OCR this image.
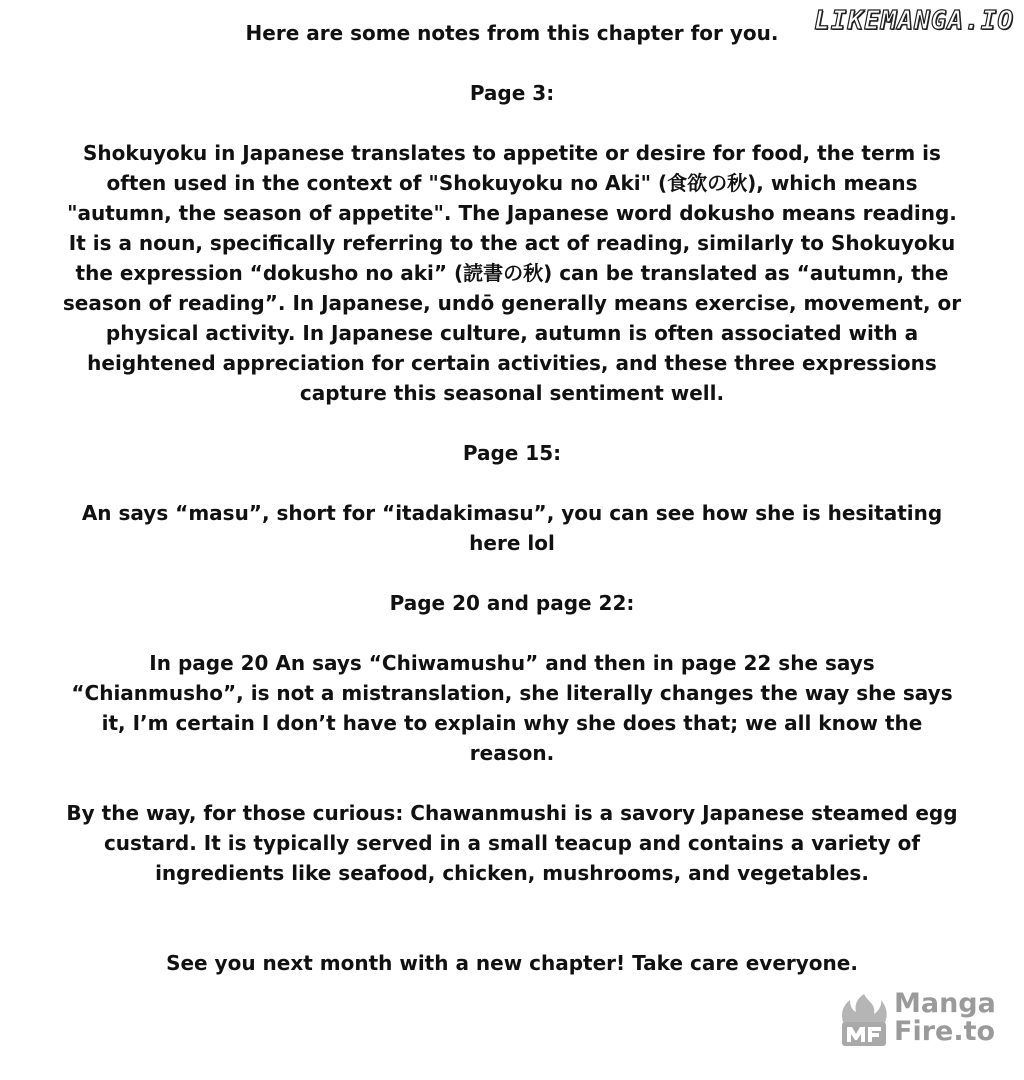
LIKEMANGA.IO

Here are some notes from this chapter for you.

Page 3:

Shokuyoku in Japanese translates to appetite or desire for food, the term is often used in the context of "Shokuyoku no Aki" (食欲の秋), which means "autumn, the season of appetite". The Japanese word dokusho means reading. It is a noun, specifically referring to the act of reading, similarly to Shokuyoku the expression “dokusho no aki” (読書の秋) can be translated as “autumn, the season of reading”. In Japanese, undō generally means exercise, movement, or physical activity. In Japanese culture, autumn is often associated with a heightened appreciation for certain activities, and these three expressions capture this seasonal sentiment well.

Page 15:

An says “masu”, short for “itadakimasu”, you can see how she is hesitating here lol

Page 20 and page 22:

In page 20 An says “Chiwamushu” and then in page 22 she says “Chianmusho”, is not a mistranslation, she literally changes the way she says it, I’m certain I don’t have to explain why she does that; we all know the reason.

By the way, for those curious: Chawanmushi is a savory Japanese steamed egg custard. It is typically served in a small teacup and contains a variety of ingredients like seafood, chicken, mushrooms, and vegetables.

See you next month with a new chapter! Take care everyone.

Manga
Fire.to
